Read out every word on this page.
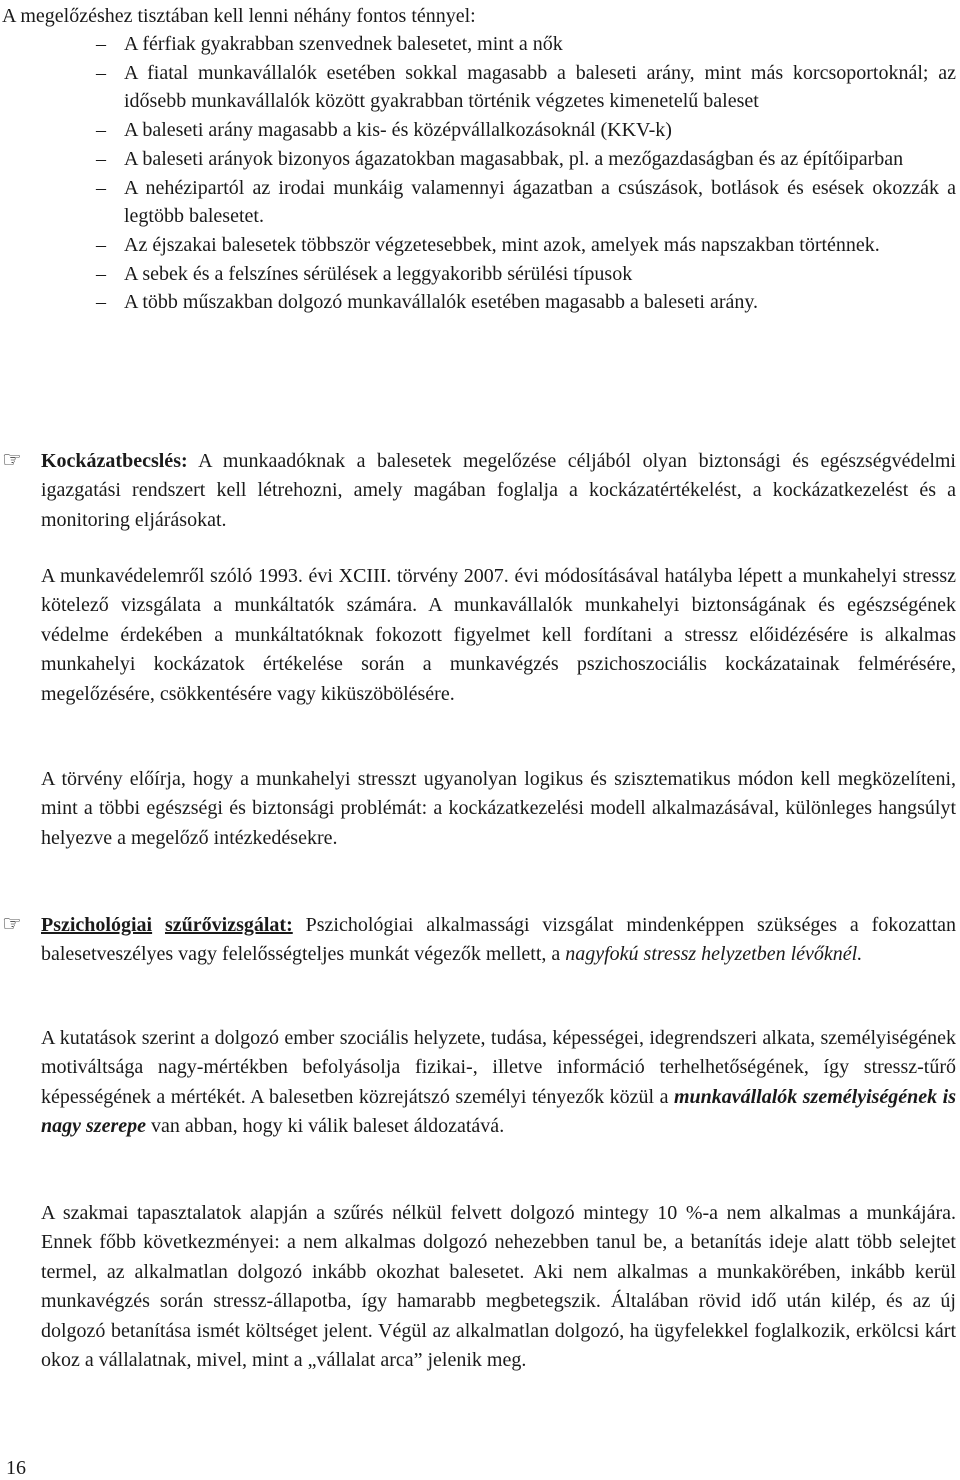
A megelőzéshez tisztában kell lenni néhány fontos ténnyel:
– A férfiak gyakrabban szenvednek balesetet, mint a nők
– A fiatal munkavállalók esetében sokkal magasabb a baleseti arány, mint más korcsoportoknál; az idősebb munkavállalók között gyakrabban történik végzetes kimenetelű baleset
– A baleseti arány magasabb a kis- és középvállalkozásoknál (KKV-k)
– A baleseti arányok bizonyos ágazatokban magasabbak, pl. a mezőgazdaságban és az építőiparban
– A nehézipartól az irodai munkáig valamennyi ágazatban a csúszások, botlások és esések okozzák a legtöbb balesetet.
– Az éjszakai balesetek többször végzetesebbek, mint azok, amelyek más napszakban történnek.
– A sebek és a felszínes sérülések a leggyakoribb sérülési típusok
– A több műszakban dolgozó munkavállalók esetében magasabb a baleseti arány.
☞ Kockázatbecslés: A munkaadóknak a balesetek megelőzése céljából olyan biztonsági és egészségvédelmi igazgatási rendszert kell létrehozni, amely magában foglalja a kockázatértékelést, a kockázatkezelést és a monitoring eljárásokat.
A munkavédelemről szóló 1993. évi XCIII. törvény 2007. évi módosításával hatályba lépett a munkahelyi stressz kötelező vizsgálata a munkáltatók számára. A munkavállalók munkahelyi biztonságának és egészségének védelme érdekében a munkáltatóknak fokozott figyelmet kell fordítani a stressz előidézésére is alkalmas munkahelyi kockázatok értékelése során a munkavégzés pszichoszociális kockázatainak felmérésére, megelőzésére, csökkentésére vagy kiküszöbölésére.
A törvény előírja, hogy a munkahelyi stresszt ugyanolyan logikus és szisztematikus módon kell megközelíteni, mint a többi egészségi és biztonsági problémát: a kockázatkezelési modell alkalmazásával, különleges hangsúlyt helyezve a megelőző intézkedésekre.
☞ Pszichológiai szűrővizsgálat: Pszichológiai alkalmassági vizsgálat mindenképpen szükséges a fokozattan balesetveszélyes vagy felelősségteljes munkát végezők mellett, a nagyfokú stressz helyzetben lévőknél.
A kutatások szerint a dolgozó ember szociális helyzete, tudása, képességei, idegrendszeri alkata, személyiségének motiváltsága nagy-mértékben befolyásolja fizikai-, illetve információ terhelhetőségének, így stressz-tűrő képességének a mértékét. A balesetben közrejátszó személyi tényezők közül a munkavállalók személyiségének is nagy szerepe van abban, hogy ki válik baleset áldozatává.
A szakmai tapasztalatok alapján a szűrés nélkül felvett dolgozó mintegy 10 %-a nem alkalmas a munkájára. Ennek főbb következményei: a nem alkalmas dolgozó nehezebben tanul be, a betanítás ideje alatt több selejtet termel, az alkalmatlan dolgozó inkább okozhat balesetet. Aki nem alkalmas a munkakörében, inkább kerül munkavégzés során stressz-állapotba, így hamarabb megbetegszik. Általában rövid idő után kilép, és az új dolgozó betanítása ismét költséget jelent. Végül az alkalmatlan dolgozó, ha ügyfelekkel foglalkozik, erkölcsi kárt okoz a vállalatnak, mivel, mint a „vállalat arca” jelenik meg.
16
